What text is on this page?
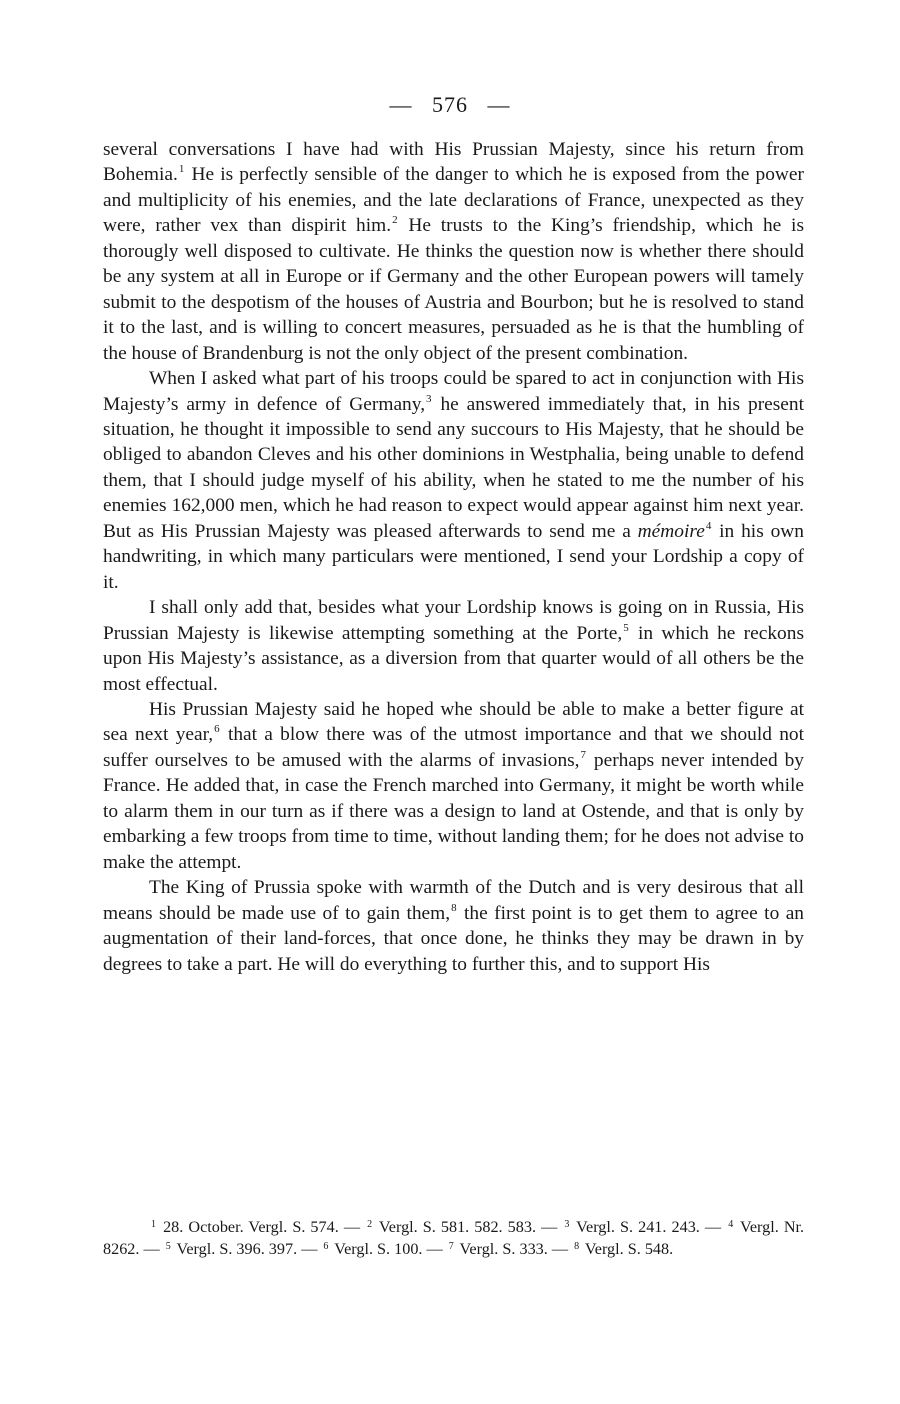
— 576 —

several conversations I have had with His Prussian Majesty, since his return from Bohemia.$^1$ He is perfectly sensible of the danger to which he is exposed from the power and multiplicity of his enemies, and the late declarations of France, unexpected as they were, rather vex than dispirit him.$^2$ He trusts to the King’s friendship, which he is thorougly well disposed to cultivate. He thinks the question now is whether there should be any system at all in Europe or if Germany and the other European powers will tamely submit to the despotism of the houses of Austria and Bourbon; but he is resolved to stand it to the last, and is willing to concert measures, persuaded as he is that the humbling of the house of Brandenburg is not the only object of the present combination.

When I asked what part of his troops could be spared to act in conjunction with His Majesty’s army in defence of Germany,$^3$ he answered immediately that, in his present situation, he thought it impossible to send any succours to His Majesty, that he should be obliged to abandon Cleves and his other dominions in Westphalia, being unable to defend them, that I should judge myself of his ability, when he stated to me the number of his enemies 162,000 men, which he had reason to expect would appear against him next year. But as His Prussian Majesty was pleased afterwards to send me a mémoire$^4$ in his own handwriting, in which many particulars were mentioned, I send your Lordship a copy of it.

I shall only add that, besides what your Lordship knows is going on in Russia, His Prussian Majesty is likewise attempting something at the Porte,$^5$ in which he reckons upon His Majesty’s assistance, as a diversion from that quarter would of all others be the most effectual.

His Prussian Majesty said he hoped whe should be able to make a better figure at sea next year,$^6$ that a blow there was of the utmost importance and that we should not suffer ourselves to be amused with the alarms of invasions,$^7$ perhaps never intended by France. He added that, in case the French marched into Germany, it might be worth while to alarm them in our turn as if there was a design to land at Ostende, and that is only by embarking a few troops from time to time, without landing them; for he does not advise to make the attempt.

The King of Prussia spoke with warmth of the Dutch and is very desirous that all means should be made use of to gain them,$^8$ the first point is to get them to agree to an augmentation of their land-forces, that once done, he thinks they may be drawn in by degrees to take a part. He will do everything to further this, and to support His

$^1$ 28. October. Vergl. S. 574. — $^2$ Vergl. S. 581. 582. 583. — $^3$ Vergl. S. 241. 243. — $^4$ Vergl. Nr. 8262. — $^5$ Vergl. S. 396. 397. — $^6$ Vergl. S. 100. — $^7$ Vergl. S. 333. — $^8$ Vergl. S. 548.
